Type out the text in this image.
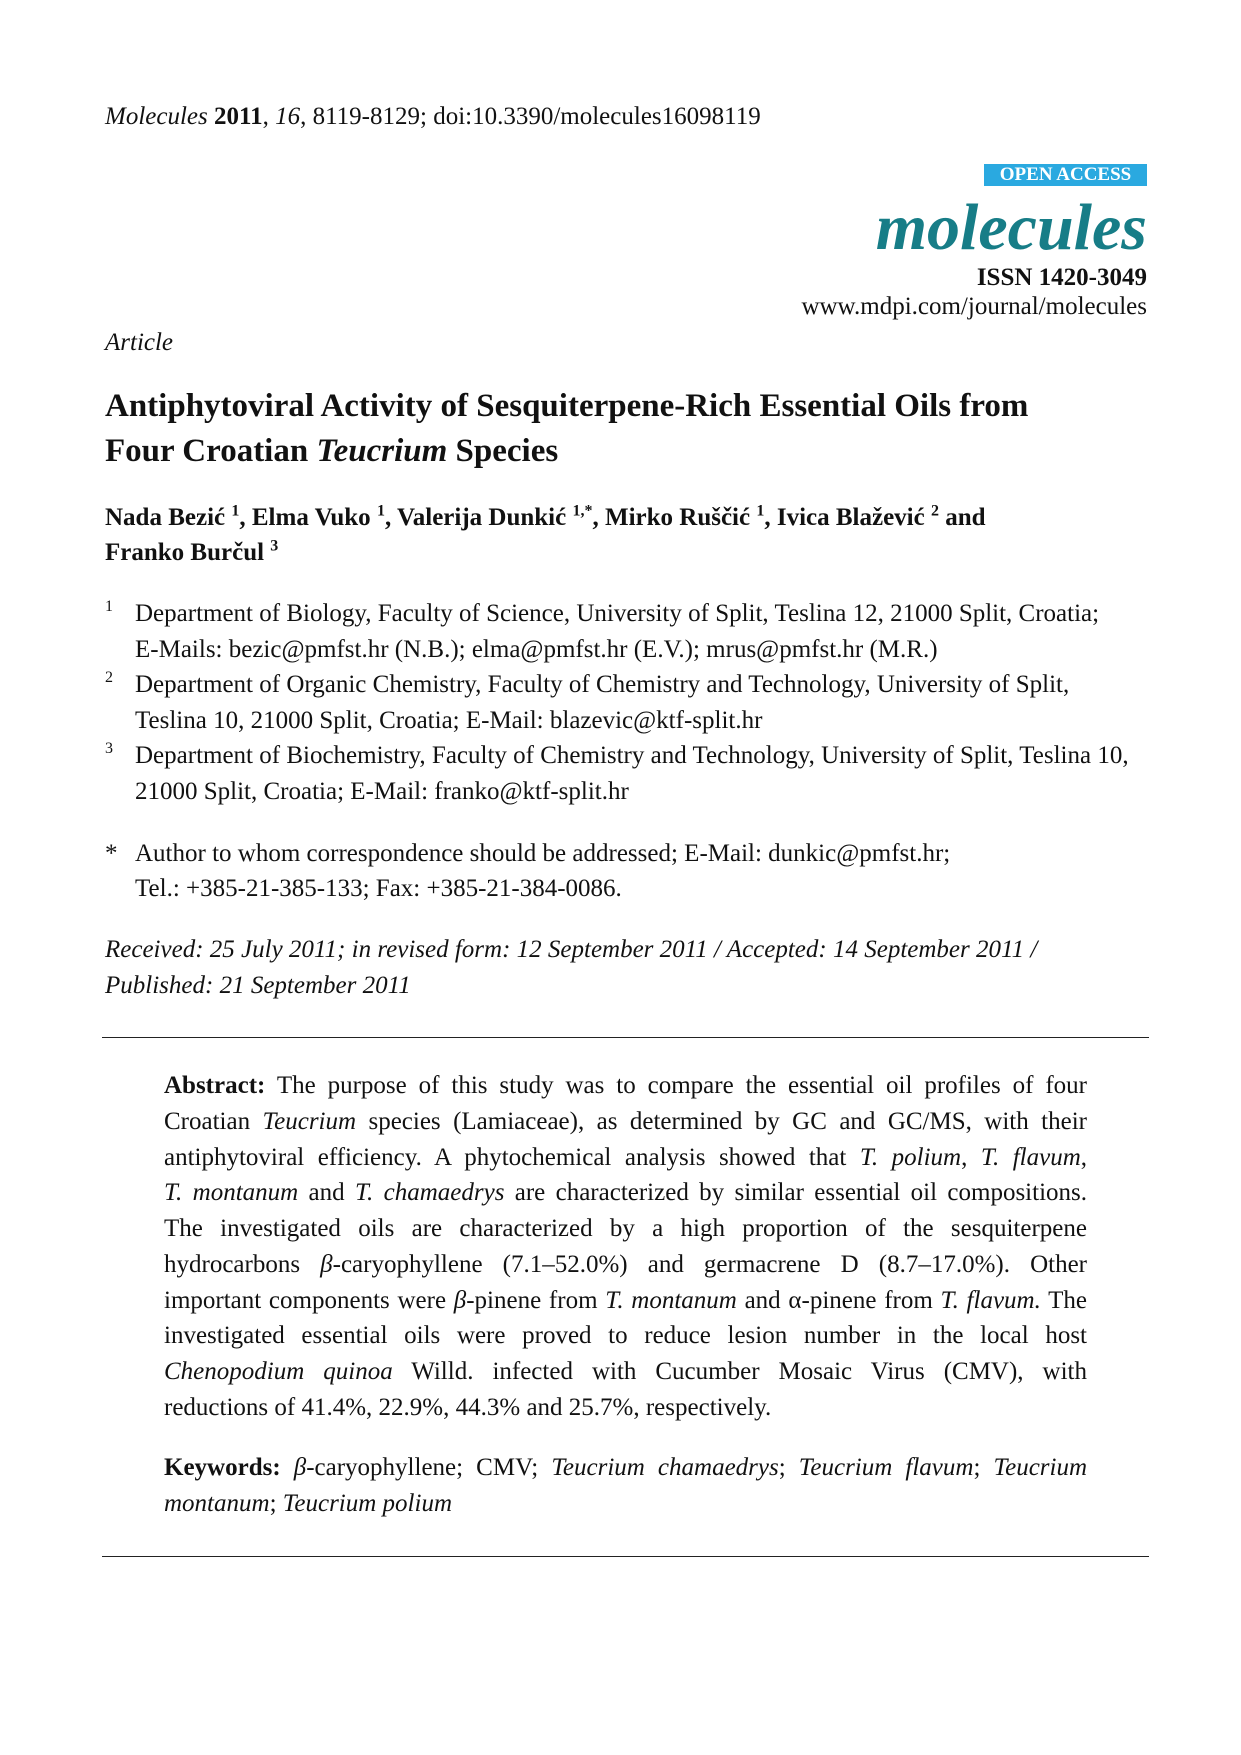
Molecules 2011, 16, 8119-8129; doi:10.3390/molecules16098119
OPEN ACCESS
molecules
ISSN 1420-3049
www.mdpi.com/journal/molecules
Article
Antiphytoviral Activity of Sesquiterpene-Rich Essential Oils from
Four Croatian Teucrium Species
Nada Bezić $^1$, Elma Vuko $^1$, Valerija Dunkić $^{1,*}$, Mirko Ruščić $^1$, Ivica Blažević $^2$ and
Franko Burčul $^3$
1 Department of Biology, Faculty of Science, University of Split, Teslina 12, 21000 Split, Croatia;
E-Mails: bezic@pmfst.hr (N.B.); elma@pmfst.hr (E.V.); mrus@pmfst.hr (M.R.)
2 Department of Organic Chemistry, Faculty of Chemistry and Technology, University of Split,
Teslina 10, 21000 Split, Croatia; E-Mail: blazevic@ktf-split.hr
3 Department of Biochemistry, Faculty of Chemistry and Technology, University of Split, Teslina 10,
21000 Split, Croatia; E-Mail: franko@ktf-split.hr
* Author to whom correspondence should be addressed; E-Mail: dunkic@pmfst.hr;
Tel.: +385-21-385-133; Fax: +385-21-384-0086.
Received: 25 July 2011; in revised form: 12 September 2011 / Accepted: 14 September 2011 /
Published: 21 September 2011
Abstract: The purpose of this study was to compare the essential oil profiles of four
Croatian Teucrium species (Lamiaceae), as determined by GC and GC/MS, with their
antiphytoviral efficiency. A phytochemical analysis showed that T. polium, T. flavum,
T. montanum and T. chamaedrys are characterized by similar essential oil compositions.
The investigated oils are characterized by a high proportion of the sesquiterpene
hydrocarbons β-caryophyllene (7.1–52.0%) and germacrene D (8.7–17.0%). Other
important components were β-pinene from T. montanum and α-pinene from T. flavum. The
investigated essential oils were proved to reduce lesion number in the local host
Chenopodium quinoa Willd. infected with Cucumber Mosaic Virus (CMV), with
reductions of 41.4%, 22.9%, 44.3% and 25.7%, respectively.
Keywords: β-caryophyllene; CMV; Teucrium chamaedrys; Teucrium flavum; Teucrium
montanum; Teucrium polium
